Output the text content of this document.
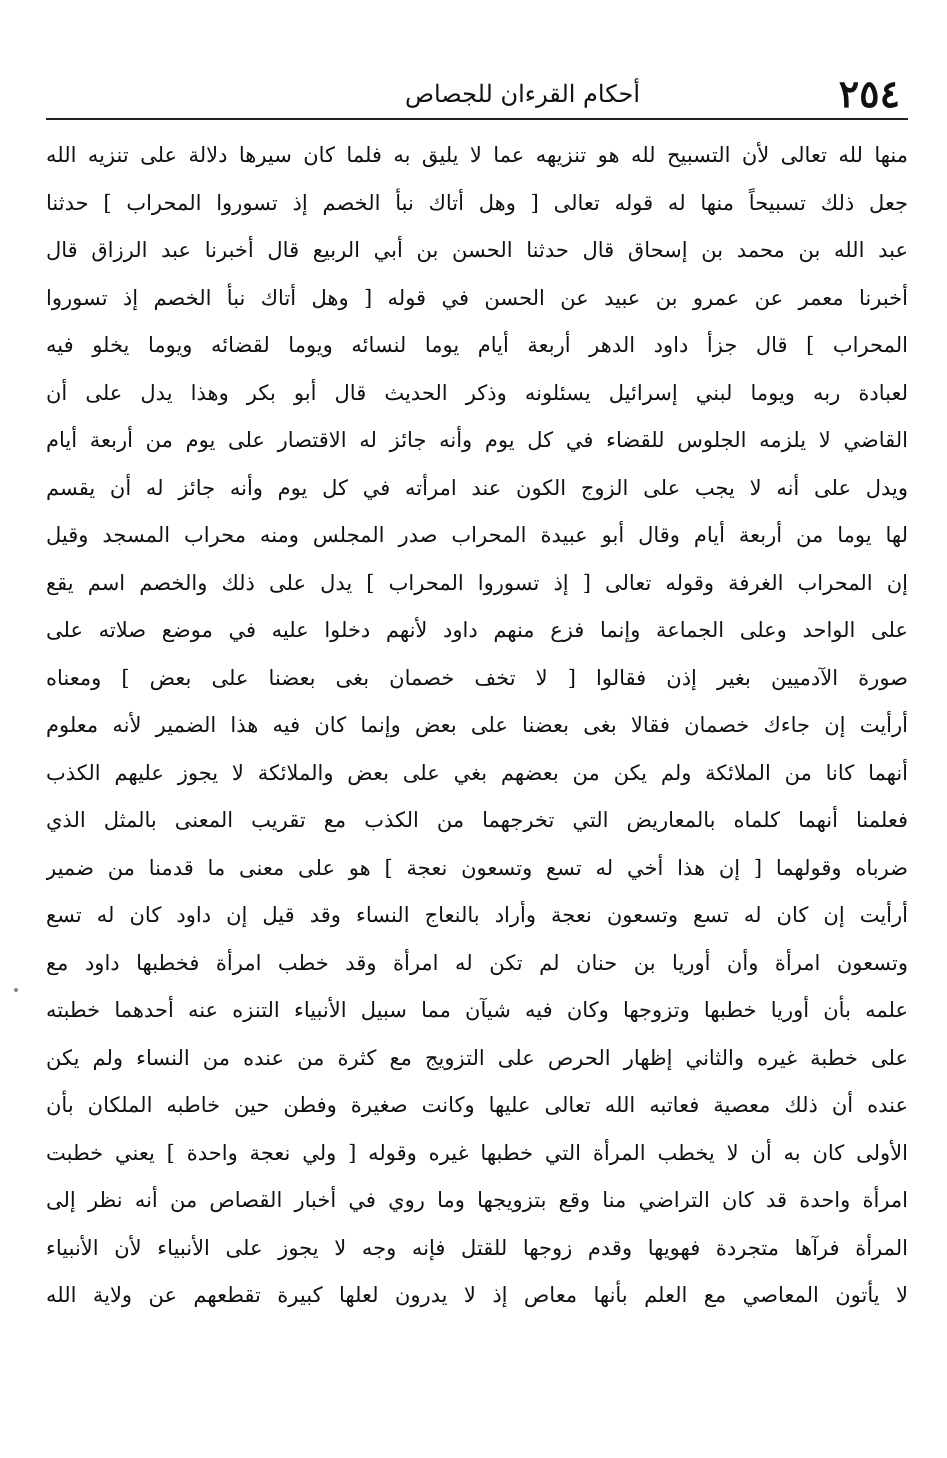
٢٥٤
أحكام القرءان للجصاص
منها لله تعالى لأن التسبيح لله هو تنزيهه عما لا يليق به فلما كان سيرها دلالة على تنزيه الله
جعل ذلك تسبيحاً منها له قوله تعالى [ وهل أتاك نبأ الخصم إذ تسوروا المحراب ] حدثنا
عبد الله بن محمد بن إسحاق قال حدثنا الحسن بن أبي الربيع قال أخبرنا عبد الرزاق قال
أخبرنا معمر عن عمرو بن عبيد عن الحسن في قوله [ وهل أتاك نبأ الخصم إذ تسوروا
المحراب ] قال جزأ داود الدهر أربعة أيام يوما لنسائه ويوما لقضائه ويوما يخلو فيه
لعبادة ربه ويوما لبني إسرائيل يسئلونه وذكر الحديث قال أبو بكر وهذا يدل على أن
القاضي لا يلزمه الجلوس للقضاء في كل يوم وأنه جائز له الاقتصار على يوم من أربعة أيام
ويدل على أنه لا يجب على الزوج الكون عند امرأته في كل يوم وأنه جائز له أن يقسم
لها يوما من أربعة أيام وقال أبو عبيدة المحراب صدر المجلس ومنه محراب المسجد وقيل
إن المحراب الغرفة وقوله تعالى [ إذ تسوروا المحراب ] يدل على ذلك والخصم اسم يقع
على الواحد وعلى الجماعة وإنما فزع منهم داود لأنهم دخلوا عليه في موضع صلاته على
صورة الآدميين بغير إذن فقالوا [ لا تخف خصمان بغى بعضنا على بعض ] ومعناه
أرأيت إن جاءك خصمان فقالا بغى بعضنا على بعض وإنما كان فيه هذا الضمير لأنه معلوم
أنهما كانا من الملائكة ولم يكن من بعضهم بغي على بعض والملائكة لا يجوز عليهم الكذب
فعلمنا أنهما كلماه بالمعاريض التي تخرجهما من الكذب مع تقريب المعنى بالمثل الذي
ضرباه وقولهما [ إن هذا أخي له تسع وتسعون نعجة ] هو على معنى ما قدمنا من ضمير
أرأيت إن كان له تسع وتسعون نعجة وأراد بالنعاج النساء وقد قيل إن داود كان له تسع
وتسعون امرأة وأن أوريا بن حنان لم تكن له امرأة وقد خطب امرأة فخطبها داود مع
علمه بأن أوريا خطبها وتزوجها وكان فيه شيآن مما سبيل الأنبياء التنزه عنه أحدهما خطبته
على خطبة غيره والثاني إظهار الحرص على التزويج مع كثرة من عنده من النساء ولم يكن
عنده أن ذلك معصية فعاتبه الله تعالى عليها وكانت صغيرة وفطن حين خاطبه الملكان بأن
الأولى كان به أن لا يخطب المرأة التي خطبها غيره وقوله [ ولي نعجة واحدة ] يعني خطبت
امرأة واحدة قد كان التراضي منا وقع بتزويجها وما روي في أخبار القصاص من أنه نظر إلى
المرأة فرآها متجردة فهويها وقدم زوجها للقتل فإنه وجه لا يجوز على الأنبياء لأن الأنبياء
لا يأتون المعاصي مع العلم بأنها معاص إذ لا يدرون لعلها كبيرة تقطعهم عن ولاية الله
